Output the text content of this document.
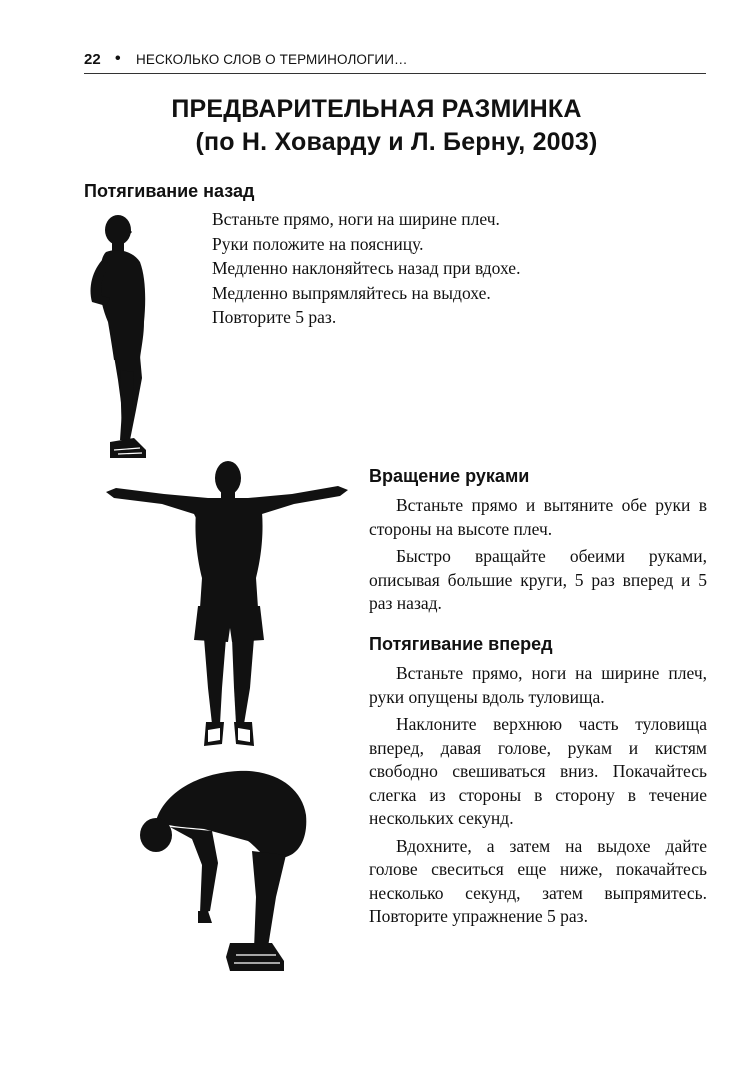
22 • НЕСКОЛЬКО СЛОВ О ТЕРМИНОЛОГИИ…
ПРЕДВАРИТЕЛЬНАЯ РАЗМИНКА
(по Н. Ховарду и Л. Берну, 2003)
Потягивание назад
Встаньте прямо, ноги на ширине плеч.
Руки положите на поясницу.
Медленно наклоняйтесь назад при вдохе.
Медленно выпрямляйтесь на выдохе.
Повторите 5 раз.
Вращение руками

Встаньте прямо и вытяните обе руки в стороны на высоте плеч.

Быстро вращайте обеими руками, описывая большие круги, 5 раз вперед и 5 раз назад.

Потягивание вперед

Встаньте прямо, ноги на ширине плеч, руки опущены вдоль туловища.

Наклоните верхнюю часть туловища вперед, давая голове, рукам и кистям свободно свешиваться вниз. Покачайтесь слегка из стороны в сторону в течение нескольких секунд.

Вдохните, а затем на выдохе дайте голове свеситься еще ниже, покачайтесь несколько секунд, затем выпрямитесь. Повторите упражнение 5 раз.
